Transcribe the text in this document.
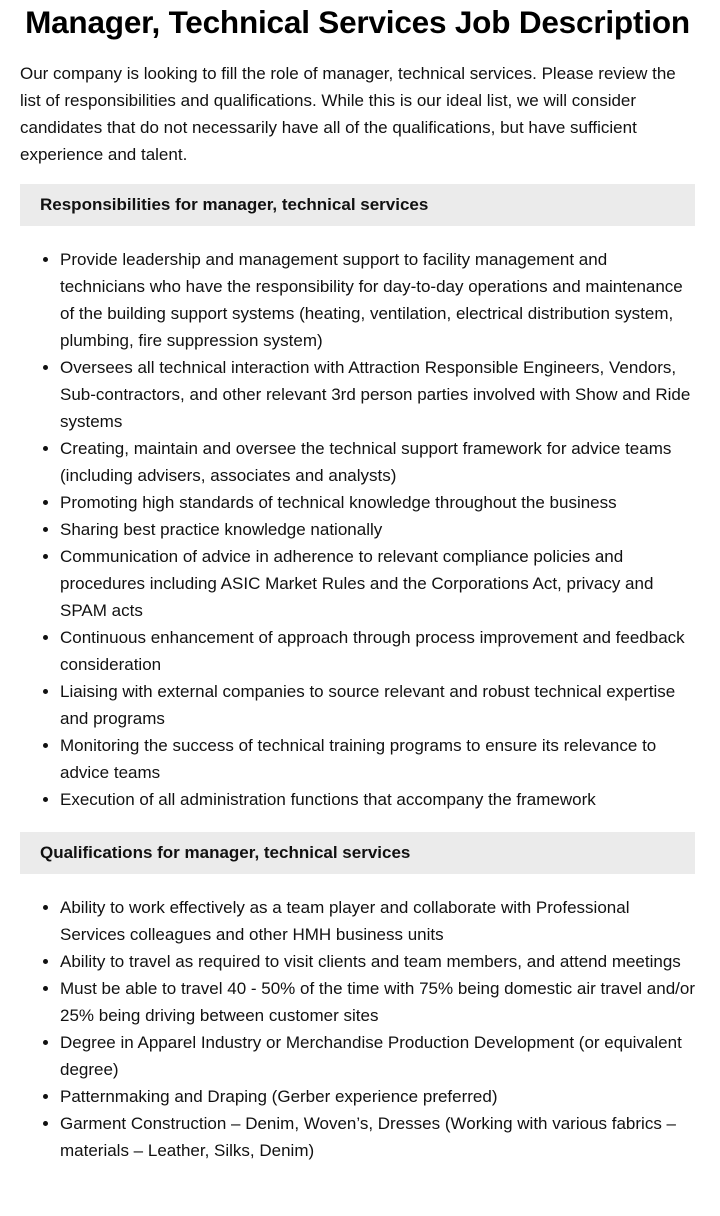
Manager, Technical Services Job Description

Our company is looking to fill the role of manager, technical services. Please review the list of responsibilities and qualifications. While this is our ideal list, we will consider candidates that do not necessarily have all of the qualifications, but have sufficient experience and talent.

Responsibilities for manager, technical services
• Provide leadership and management support to facility management and technicians who have the responsibility for day-to-day operations and maintenance of the building support systems (heating, ventilation, electrical distribution system, plumbing, fire suppression system)
• Oversees all technical interaction with Attraction Responsible Engineers, Vendors, Sub-contractors, and other relevant 3rd person parties involved with Show and Ride systems
• Creating, maintain and oversee the technical support framework for advice teams (including advisers, associates and analysts)
• Promoting high standards of technical knowledge throughout the business
• Sharing best practice knowledge nationally
• Communication of advice in adherence to relevant compliance policies and procedures including ASIC Market Rules and the Corporations Act, privacy and SPAM acts
• Continuous enhancement of approach through process improvement and feedback consideration
• Liaising with external companies to source relevant and robust technical expertise and programs
• Monitoring the success of technical training programs to ensure its relevance to advice teams
• Execution of all administration functions that accompany the framework
Qualifications for manager, technical services
• Ability to work effectively as a team player and collaborate with Professional Services colleagues and other HMH business units
• Ability to travel as required to visit clients and team members, and attend meetings
• Must be able to travel 40 - 50% of the time with 75% being domestic air travel and/or 25% being driving between customer sites
• Degree in Apparel Industry or Merchandise Production Development (or equivalent degree)
• Patternmaking and Draping (Gerber experience preferred)
• Garment Construction – Denim, Woven’s, Dresses (Working with various fabrics –materials – Leather, Silks, Denim)
